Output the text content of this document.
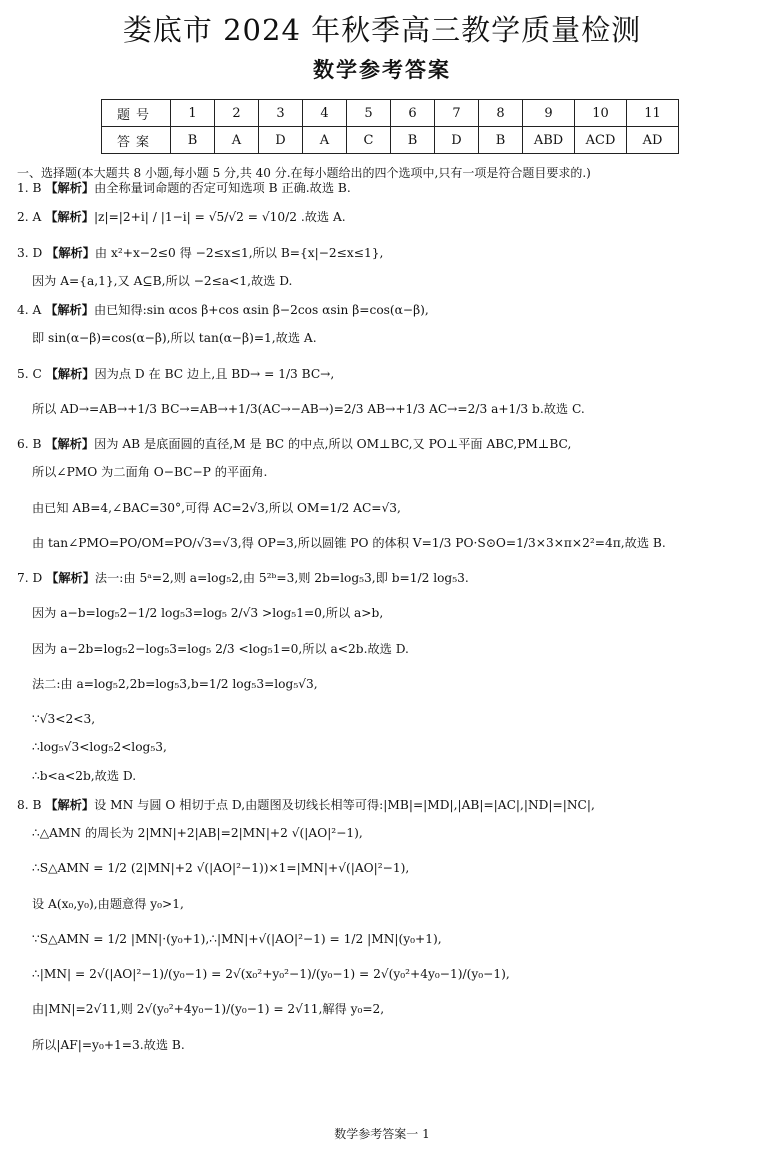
娄底市 2024 年秋季高三教学质量检测
数学参考答案
题号	1	2	3	4	5	6	7	8	9	10	11
答案	B	A	D	A	C	B	D	B	ABD	ACD	AD

一、选择题(本大题共 8 小题,每小题 5 分,共 40 分.在每小题给出的四个选项中,只有一项是符合题目要求的.)

1. B 【解析】由全称量词命题的否定可知选项 B 正确.故选 B.

2. A 【解析】|z|=|2+i| / |1−i| = √5/√2 = √10/2 .故选 A.

3. D 【解析】由 x²+x−2≤0 得 −2≤x≤1,所以 B={x|−2≤x≤1},

因为 A={a,1},又 A⊆B,所以 −2≤a<1,故选 D.

4. A 【解析】由已知得:sin αcos β+cos αsin β−2cos αsin β=cos(α−β),

即 sin(α−β)=cos(α−β),所以 tan(α−β)=1,故选 A.

5. C 【解析】因为点 D 在 BC 边上,且 BD→ = 1/3 BC→,

所以 AD→=AB→+1/3 BC→=AB→+1/3(AC→−AB→)=2/3 AB→+1/3 AC→=2/3 a+1/3 b.故选 C.

6. B 【解析】因为 AB 是底面圆的直径,M 是 BC 的中点,所以 OM⊥BC,又 PO⊥平面 ABC,PM⊥BC,

所以∠PMO 为二面角 O−BC−P 的平面角.

由已知 AB=4,∠BAC=30°,可得 AC=2√3,所以 OM=1/2 AC=√3,

由 tan∠PMO=PO/OM=PO/√3=√3,得 OP=3,所以圆锥 PO 的体积 V=1/3 PO·S⊙O=1/3×3×π×2²=4π,故选 B.

7. D 【解析】法一:由 5ᵃ=2,则 a=log₅2,由 5²ᵇ=3,则 2b=log₅3,即 b=1/2 log₅3.

因为 a−b=log₅2−1/2 log₅3=log₅ 2/√3 >log₅1=0,所以 a>b,

因为 a−2b=log₅2−log₅3=log₅ 2/3 <log₅1=0,所以 a<2b.故选 D.

法二:由 a=log₅2,2b=log₅3,b=1/2 log₅3=log₅√3,

∵√3<2<3,

∴log₅√3<log₅2<log₅3,

∴b<a<2b,故选 D.

8. B 【解析】设 MN 与圆 O 相切于点 D,由题图及切线长相等可得:|MB|=|MD|,|AB|=|AC|,|ND|=|NC|,

∴△AMN 的周长为 2|MN|+2|AB|=2|MN|+2 √(|AO|²−1),

∴S△AMN = 1/2 (2|MN|+2 √(|AO|²−1))×1=|MN|+√(|AO|²−1),

设 A(x₀,y₀),由题意得 y₀>1,

∵S△AMN = 1/2 |MN|·(y₀+1),∴|MN|+√(|AO|²−1) = 1/2 |MN|(y₀+1),

∴|MN| = 2√(|AO|²−1)/(y₀−1) = 2√(x₀²+y₀²−1)/(y₀−1) = 2√(y₀²+4y₀−1)/(y₀−1),

由|MN|=2√11,则 2√(y₀²+4y₀−1)/(y₀−1) = 2√11,解得 y₀=2,

所以|AF|=y₀+1=3.故选 B.

数学参考答案一 1
